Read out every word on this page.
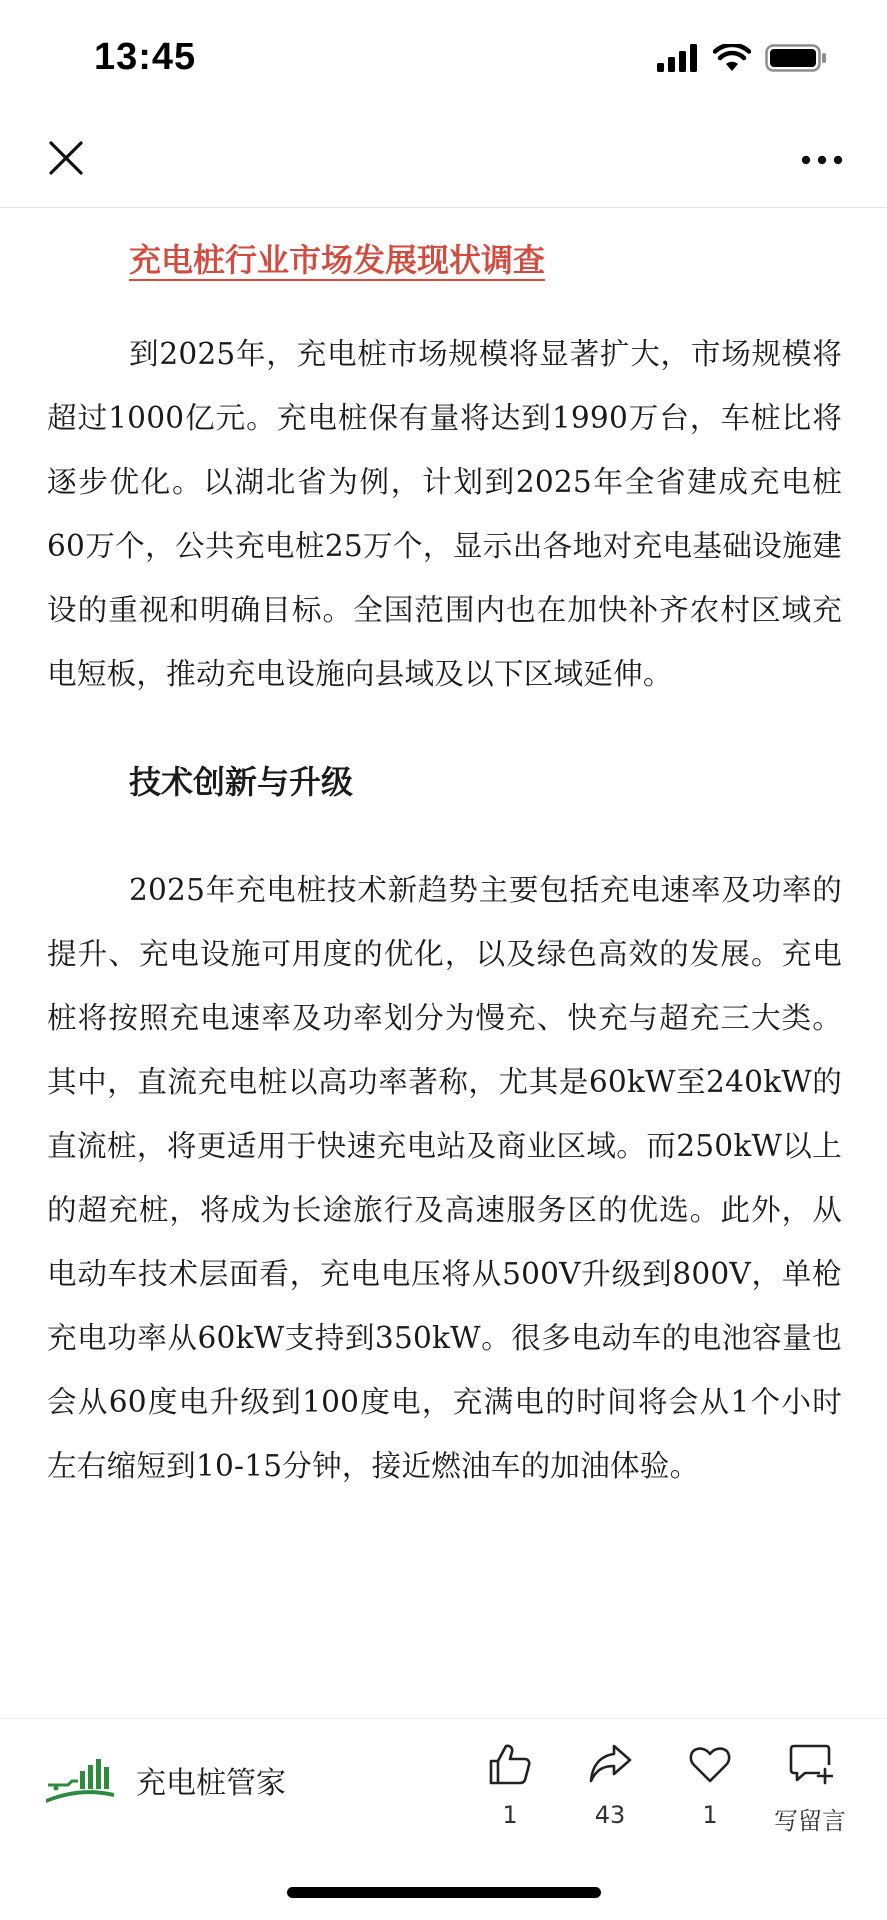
13:45
充电桩行业市场发展现状调查

到2025年，充电桩市场规模将显著扩大，市场规模将超过1000亿元。充电桩保有量将达到1990万台，车桩比将逐步优化。以湖北省为例，计划到2025年全省建成充电桩60万个，公共充电桩25万个，显示出各地对充电基础设施建设的重视和明确目标。全国范围内也在加快补齐农村区域充电短板，推动充电设施向县域及以下区域延伸。

技术创新与升级

2025年充电桩技术新趋势主要包括充电速率及功率的提升、充电设施可用度的优化，以及绿色高效的发展。充电桩将按照充电速率及功率划分为慢充、快充与超充三大类。其中，直流充电桩以高功率著称，尤其是60kW至240kW的直流桩，将更适用于快速充电站及商业区域。而250kW以上的超充桩，将成为长途旅行及高速服务区的优选。此外，从电动车技术层面看，充电电压将从500V升级到800V，单枪充电功率从60kW支持到350kW。很多电动车的电池容量也会从60度电升级到100度电，充满电的时间将会从1个小时左右缩短到10-15分钟，接近燃油车的加油体验。

充电桩管家
1	43	1 写留言
